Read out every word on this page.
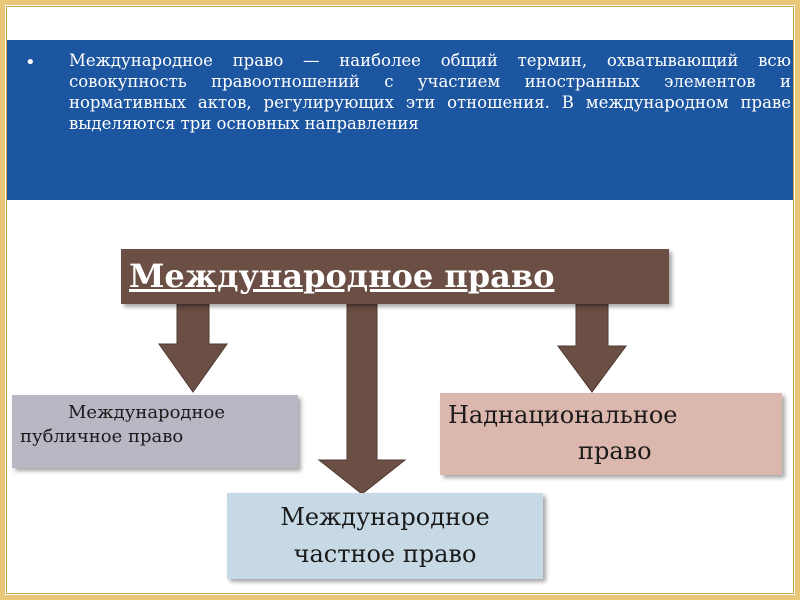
• Международное право — наиболее общий термин, охватывающий всю совокупность правоотношений с участием иностранных элементов и нормативных актов, регулирующих эти отношения. В международном праве выделяются три основных направления
Международное право
Международное
публичное право
Наднациональное
право
Международное
частное право
